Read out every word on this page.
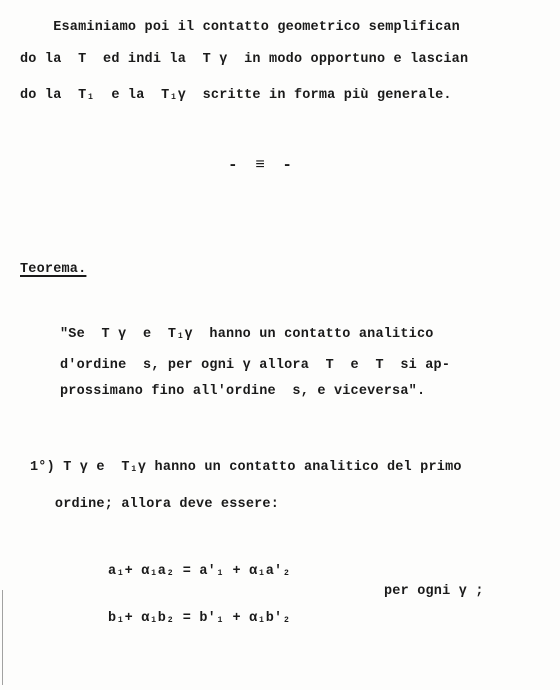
Esaminiamo poi il contatto geometrico semplifican
do la  T  ed indi la  T γ  in modo opportuno e lascian
do la  T₁  e la  T₁γ  scritte in forma più generale.
- ≡ -
Teorema.
"Se  T γ  e  T₁γ  hanno un contatto analitico
d'ordine  s, per ogni γ allora  T  e  T  si ap-
prossimano fino all'ordine  s, e viceversa".
1°) T γ e  T₁γ hanno un contatto analitico del primo
ordine; allora deve essere:
a₁+ α₁a₂ = a'₁ + α₁a'₂
per ogni γ ;
b₁+ α₁b₂ = b'₁ + α₁b'₂
